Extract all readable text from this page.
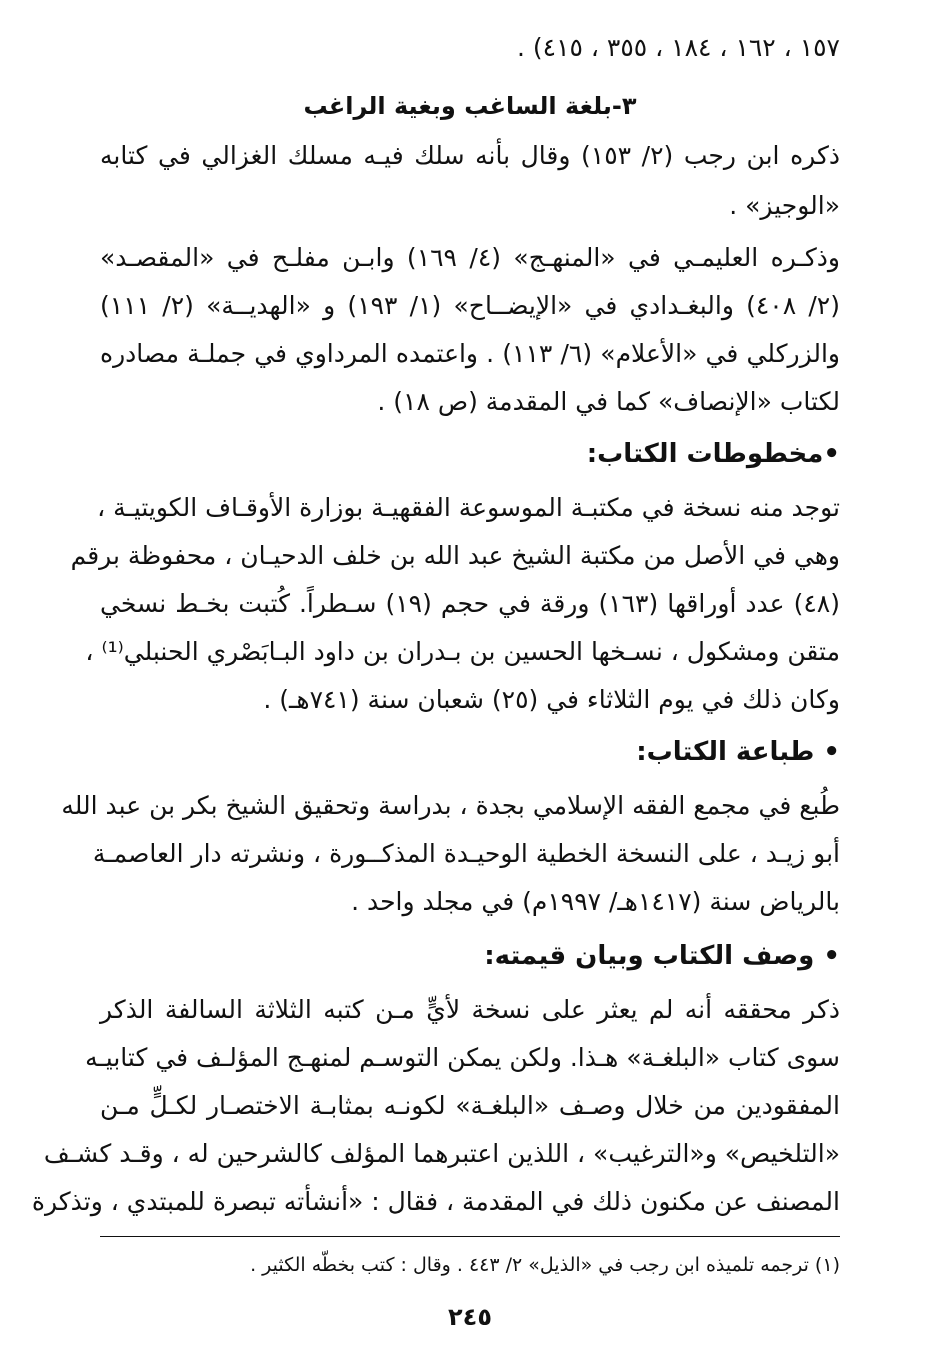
١٥٧ ، ١٦٢ ، ١٨٤ ، ٣٥٥ ، ٤١٥) .
٣-بلغة الساغب وبغية الراغب
ذكره ابن رجب (٢/ ١٥٣) وقال بأنه سلك فيـه مسلك الغزالي في كتابه
«الوجيز» .
وذكـره العليمـي في «المنهـج» (٤/ ١٦٩) وابـن مفلـح في «المقصـد»
(٢/ ٤٠٨) والبغـدادي في «الإيضــاح» (١/ ١٩٣) و «الهديــة» (٢/ ١١١)
والزركلي في «الأعلام» (٦/ ١١٣) . واعتمده المرداوي في جملـة مصادره
لكتاب «الإنصاف» كما في المقدمة (ص ١٨) .
•مخطوطات الكتاب:
توجد منه نسخة في مكتبـة الموسوعة الفقهيـة بوزارة الأوقـاف الكويتيـة ،
وهي في الأصل من مكتبة الشيخ عبد الله بن خلف الدحيـان ، محفوظة برقم
(٤٨) عدد أوراقها (١٦٣) ورقة في حجم (١٩) سـطراً. كُتبت بخـط نسخي
متقن ومشكول ، نسـخها الحسين بن بـدران بن داود البـابَصْري الحنبلي⁽¹⁾ ،
وكان ذلك في يوم الثلاثاء في (٢٥) شعبان سنة (٧٤١هـ) .
• طباعة الكتاب:
طُبع في مجمع الفقه الإسلامي بجدة ، بدراسة وتحقيق الشيخ بكر بن عبد الله
أبو زيـد ، على النسخة الخطية الوحيـدة المذكــورة ، ونشرته دار العاصمـة
بالرياض سنة (١٤١٧هـ/ ١٩٩٧م) في مجلد واحد .
• وصف الكتاب وبيان قيمته:
ذكر محققه أنه لم يعثر على نسخة لأيٍّ مـن كتبه الثلاثة السالفة الذكر
سوى كتاب «البلغـة» هـذا. ولكن يمكن التوسـم لمنهـج المؤلـف في كتابيـه
المفقودين من خلال وصـف «البلغـة» لكونـه بمثابـة الاختصـار لكـلٍّ مـن
«التلخيص» و«الترغيب» ، اللذين اعتبرهما المؤلف كالشرحين له ، وقـد كشـف
المصنف عن مكنون ذلك في المقدمة ، فقال : «أنشأته تبصرة للمبتدي ، وتذكرة
(١) ترجمه تلميذه ابن رجب في «الذيل» ٢/ ٤٤٣ . وقال : كتب بخطّه الكثير .
٢٤٥
